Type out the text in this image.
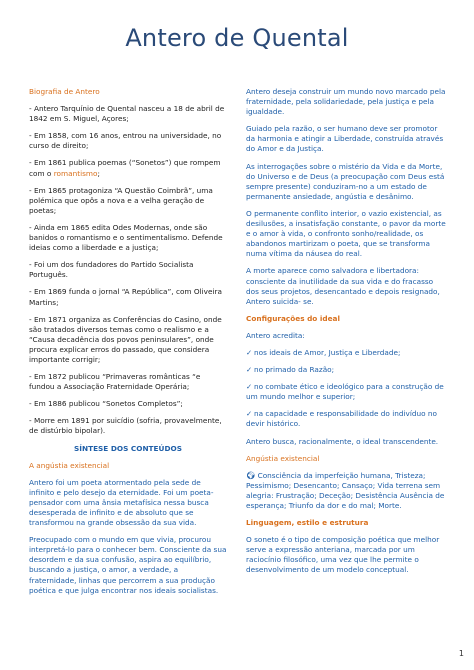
Antero de Quental
Biografia de Antero
- Antero Tarquínio de Quental nasceu a 18 de abril de 1842 em S. Miguel, Açores;
- Em 1858, com 16 anos, entrou na universidade, no curso de direito;
- Em 1861 publica poemas (“Sonetos”) que rompem com o romantismo;
- Em 1865 protagoniza “A Questão Coimbrã”, uma polémica que opôs a nova e a velha geração de poetas;
- Ainda em 1865 edita Odes Modernas, onde são banidos o romantismo e o sentimentalismo. Defende ideias como a liberdade e a justiça;
- Foi um dos fundadores do Partido Socialista Português.
- Em 1869 funda o jornal “A República”, com Oliveira Martins;
- Em 1871 organiza as Conferências do Casino, onde são tratados diversos temas como o realismo e a “Causa decadência dos povos peninsulares”, onde procura explicar erros do passado, que considera importante corrigir;
- Em 1872 publicou “Primaveras românticas “e fundou a Associação Fraternidade Operária;
- Em 1886 publicou “Sonetos Completos”;
- Morre em 1891 por suicídio (sofria, provavelmente, de distúrbio bipolar).
SÍNTESE DOS CONTEÚDOS
A angústia existencial
Antero foi um poeta atormentado pela sede de infinito e pelo desejo da eternidade. Foi um poeta-pensador com uma ânsia metafísica nessa busca desesperada de infinito e de absoluto que se transformou na grande obsessão da sua vida.
Preocupado com o mundo em que vivia, procurou interpretá-lo para o conhecer bem. Consciente da sua desordem e da sua confusão, aspira ao equilíbrio, buscando a justiça, o amor, a verdade, a fraternidade, linhas que percorrem a sua produção poética e que julga encontrar nos ideais socialistas.
Antero deseja construir um mundo novo marcado pela fraternidade, pela solidariedade, pela justiça e pela igualdade.
Guiado pela razão, o ser humano deve ser promotor da harmonia e atingir a Liberdade, construída através do Amor e da Justiça.
As interrogações sobre o mistério da Vida e da Morte, do Universo e de Deus (a preocupação com Deus está sempre presente) conduziram-no a um estado de permanente ansiedade, angústia e desânimo.
O permanente conflito interior, o vazio existencial, as desilusões, a insatisfação constante, o pavor da morte e o amor à vida, o confronto sonho/realidade, os abandonos martirizam o poeta, que se transforma numa vítima da náusea do real.
A morte aparece como salvadora e libertadora: consciente da inutilidade da sua vida e do fracasso dos seus projetos, desencantado e depois resignado, Antero suicida- se.
Configurações do ideal
Antero acredita:
✓ nos ideais de Amor, Justiça e Liberdade;
✓ no primado da Razão;
✓ no combate ético e ideológico para a construção de um mundo melhor e superior;
✓ na capacidade e responsabilidade do indivíduo no devir histórico.
Antero busca, racionalmente, o ideal transcendente.
Angústia existencial
🌍︎ Consciência da imperfeição humana, Tristeza; Pessimismo; Desencanto; Cansaço; Vida terrena sem alegria: Frustração; Deceção; Desistência Ausência de esperança; Triunfo da dor e do mal; Morte.
Linguagem, estilo e estrutura
O soneto é o tipo de composição poética que melhor serve a expressão anteriana, marcada por um raciocínio filosófico, uma vez que lhe permite o desenvolvimento de um modelo conceptual.
1
